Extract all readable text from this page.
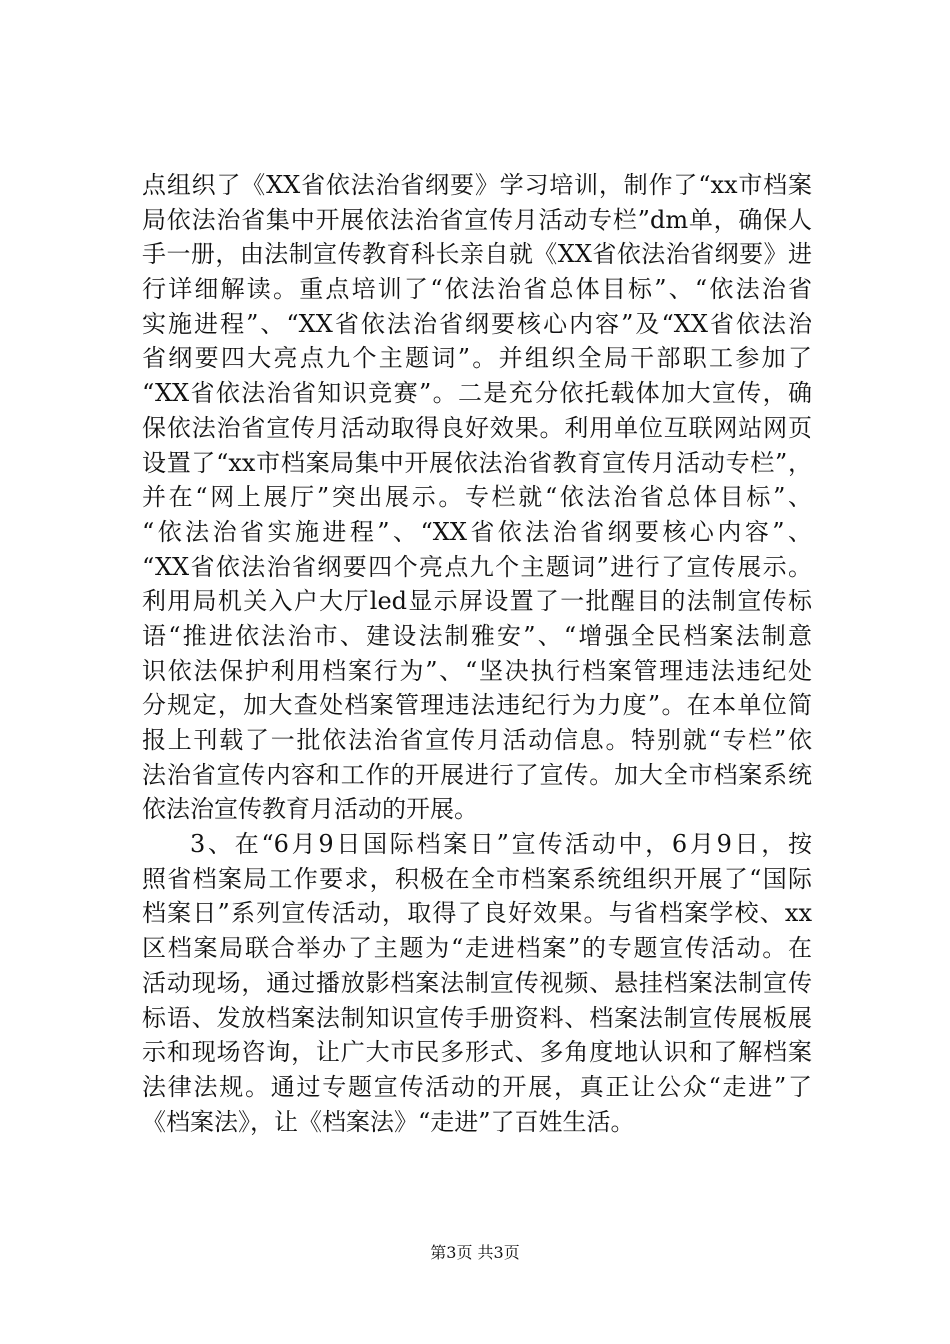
点组织了《XX省依法治省纲要》学习培训，制作了“xx市档案
局依法治省集中开展依法治省宣传月活动专栏”dm单，确保人
手一册，由法制宣传教育科长亲自就《XX省依法治省纲要》进
行详细解读。重点培训了“依法治省总体目标”、“依法治省
实施进程”、“XX省依法治省纲要核心内容”及“XX省依法治
省纲要四大亮点九个主题词”。并组织全局干部职工参加了
“XX省依法治省知识竞赛”。二是充分依托载体加大宣传，确
保依法治省宣传月活动取得良好效果。利用单位互联网站网页
设置了“xx市档案局集中开展依法治省教育宣传月活动专栏”，
并在“网上展厅”突出展示。专栏就“依法治省总体目标”、
“依法治省实施进程”、“XX省依法治省纲要核心内容”、
“XX省依法治省纲要四个亮点九个主题词”进行了宣传展示。
利用局机关入户大厅led显示屏设置了一批醒目的法制宣传标
语“推进依法治市、建设法制雅安”、“增强全民档案法制意
识依法保护利用档案行为”、“坚决执行档案管理违法违纪处
分规定，加大查处档案管理违法违纪行为力度”。在本单位简
报上刊载了一批依法治省宣传月活动信息。特别就“专栏”依
法治省宣传内容和工作的开展进行了宣传。加大全市档案系统
依法治宣传教育月活动的开展。
3、在“6月9日国际档案日”宣传活动中，6月9日，按
照省档案局工作要求，积极在全市档案系统组织开展了“国际
档案日”系列宣传活动，取得了良好效果。与省档案学校、xx
区档案局联合举办了主题为“走进档案”的专题宣传活动。在
活动现场，通过播放影档案法制宣传视频、悬挂档案法制宣传
标语、发放档案法制知识宣传手册资料、档案法制宣传展板展
示和现场咨询，让广大市民多形式、多角度地认识和了解档案
法律法规。通过专题宣传活动的开展，真正让公众“走进”了
《档案法》，让《档案法》“走进”了百姓生活。
第3页 共3页
